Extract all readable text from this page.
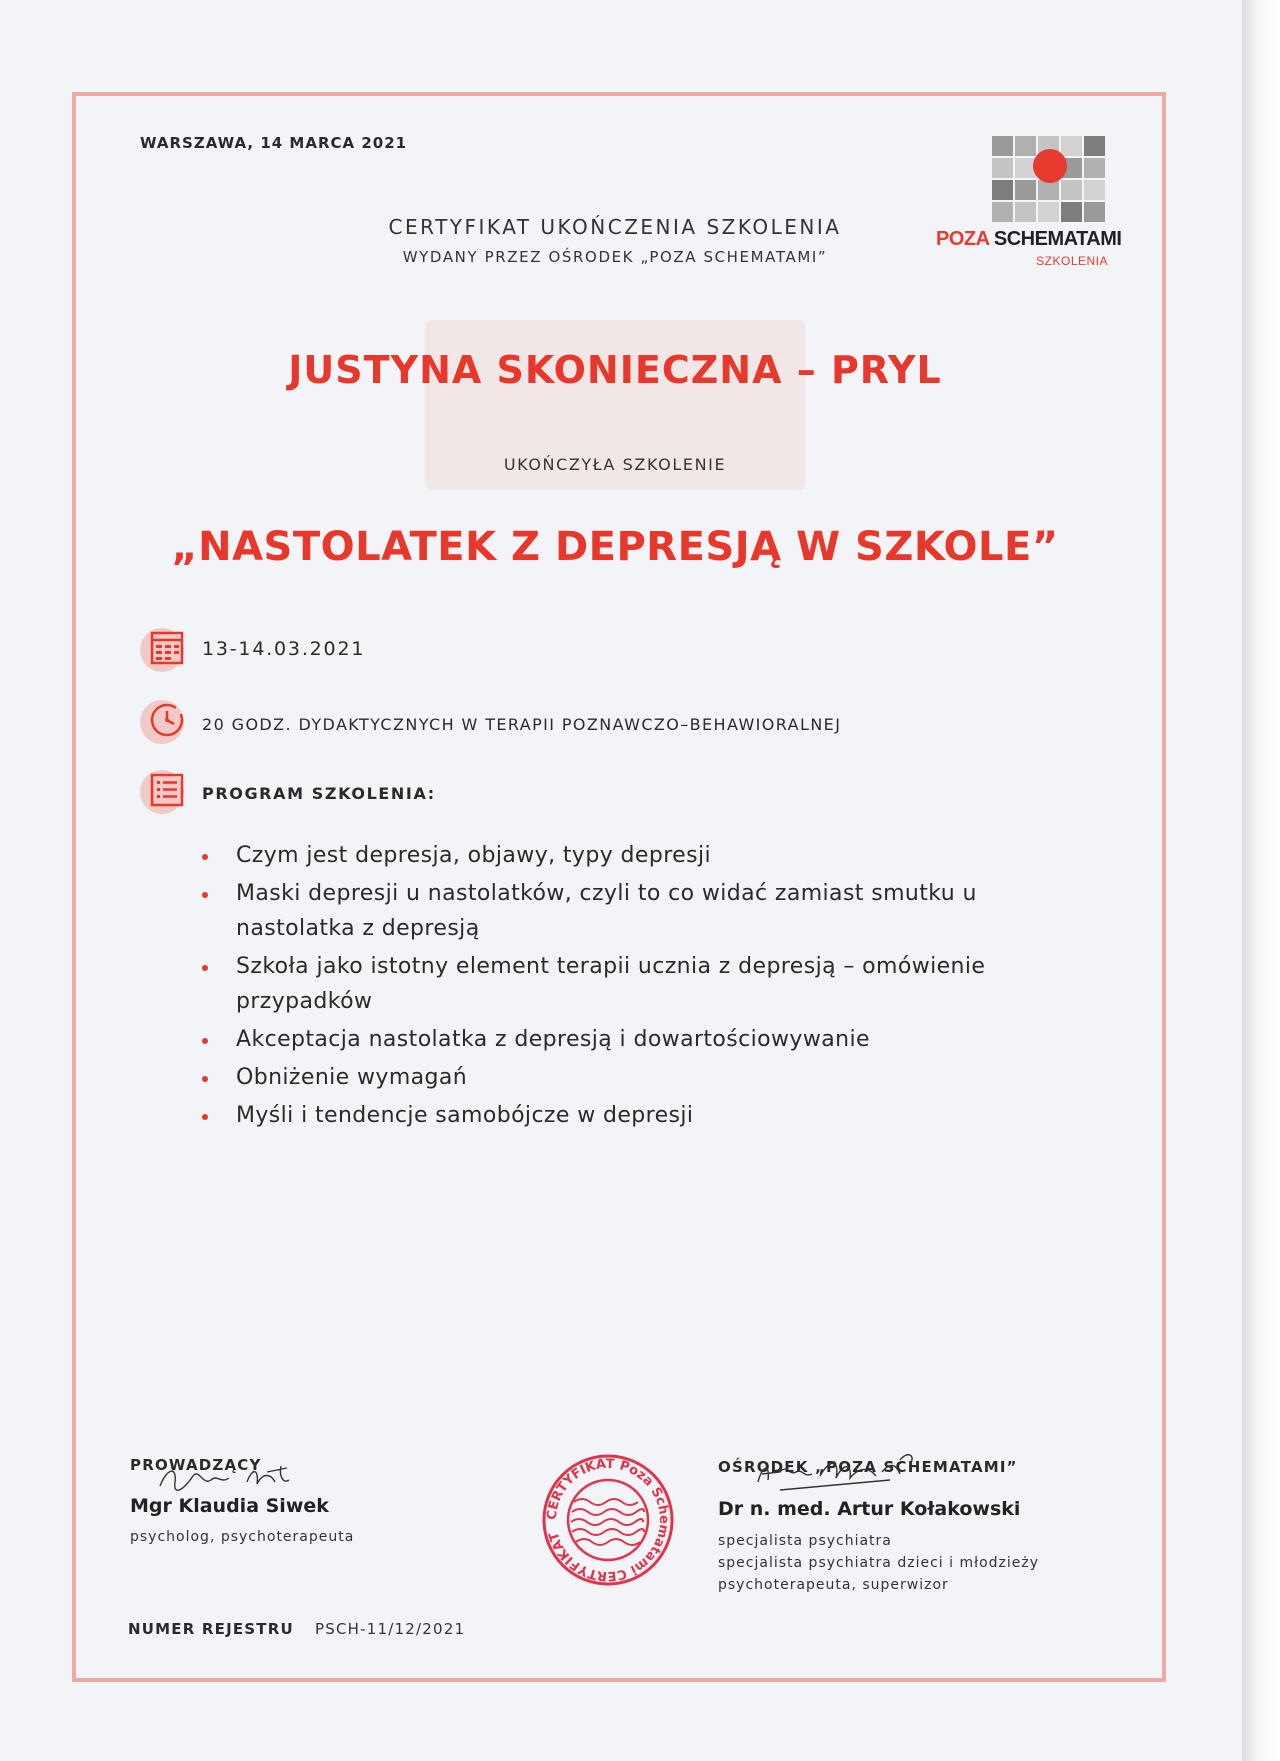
WARSZAWA, 14 MARCA 2021
CERTYFIKAT UKOŃCZENIA SZKOLENIA
WYDANY PRZEZ OŚRODEK „POZA SCHEMATAMI”
POZA SCHEMATAMI
SZKOLENIA
JUSTYNA SKONIECZNA – PRYL
UKOŃCZYŁA SZKOLENIE
„NASTOLATEK Z DEPRESJĄ W SZKOLE”
13-14.03.2021
20 GODZ. DYDAKTYCZNYCH W TERAPII POZNAWCZO–BEHAWIORALNEJ
PROGRAM SZKOLENIA:
Czym jest depresja, objawy, typy depresji
Maski depresji u nastolatków, czyli to co widać zamiast smutku u nastolatka z depresją
Szkoła jako istotny element terapii ucznia z depresją – omówienie przypadków
Akceptacja nastolatka z depresją i dowartościowywanie
Obniżenie wymagań
Myśli i tendencje samobójcze w depresji
PROWADZĄCY
Mgr Klaudia Siwek
psycholog, psychoterapeuta
CERTYFIKAT Poza Schematami CERTYFIKAT
OŚRODEK „POZA SCHEMATAMI”
Dr n. med. Artur Kołakowski
specjalista psychiatra
specjalista psychiatra dzieci i młodzieży
psychoterapeuta, superwizor
NUMER REJESTRU PSCH-11/12/2021
